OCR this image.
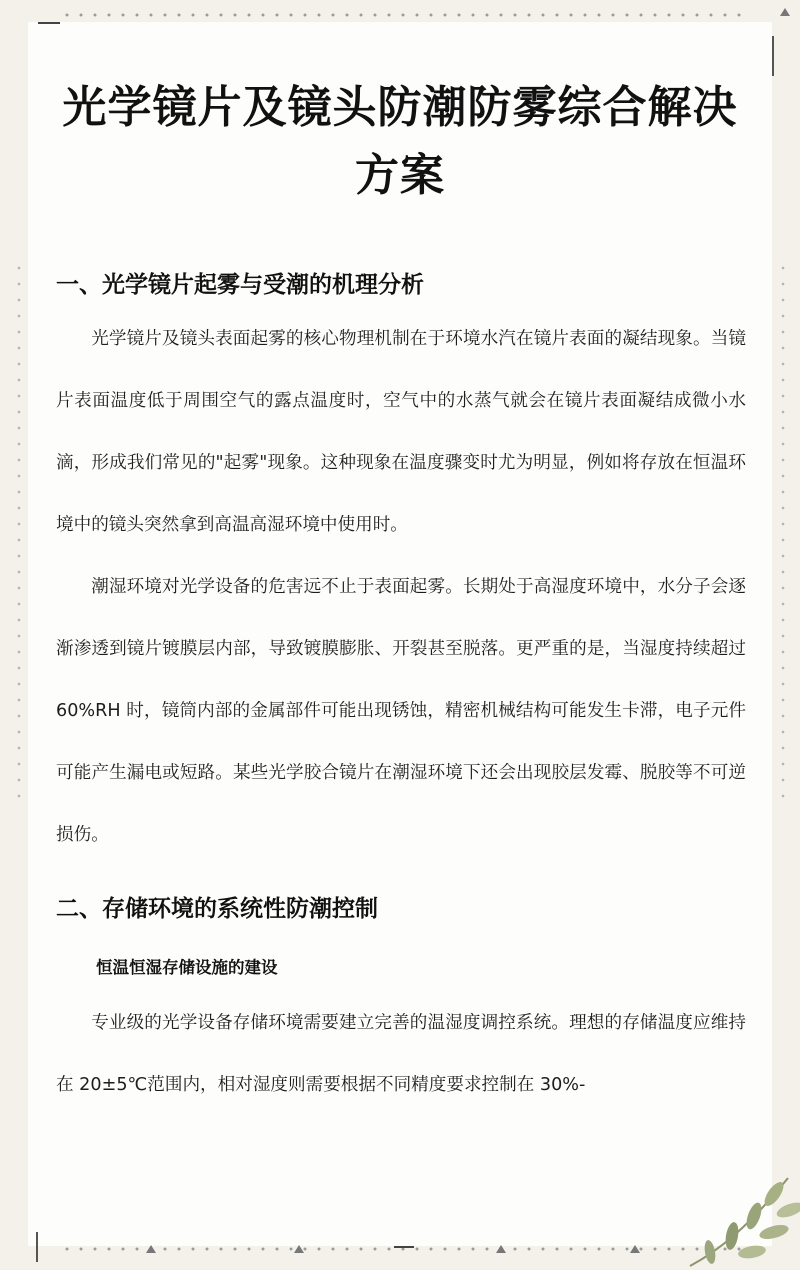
光学镜片及镜头防潮防雾综合解决方案
一、光学镜片起雾与受潮的机理分析

光学镜片及镜头表面起雾的核心物理机制在于环境水汽在镜片表面的凝结现象。当镜片表面温度低于周围空气的露点温度时，空气中的水蒸气就会在镜片表面凝结成微小水滴，形成我们常见的"起雾"现象。这种现象在温度骤变时尤为明显，例如将存放在恒温环境中的镜头突然拿到高温高湿环境中使用时。

潮湿环境对光学设备的危害远不止于表面起雾。长期处于高湿度环境中，水分子会逐渐渗透到镜片镀膜层内部，导致镀膜膨胀、开裂甚至脱落。更严重的是，当湿度持续超过 60%RH 时，镜筒内部的金属部件可能出现锈蚀，精密机械结构可能发生卡滞，电子元件可能产生漏电或短路。某些光学胶合镜片在潮湿环境下还会出现胶层发霉、脱胶等不可逆损伤。

二、存储环境的系统性防潮控制
恒温恒湿存储设施的建设

专业级的光学设备存储环境需要建立完善的温湿度调控系统。理想的存储温度应维持在 20±5℃范围内，相对湿度则需要根据不同精度要求控制在 30%-
